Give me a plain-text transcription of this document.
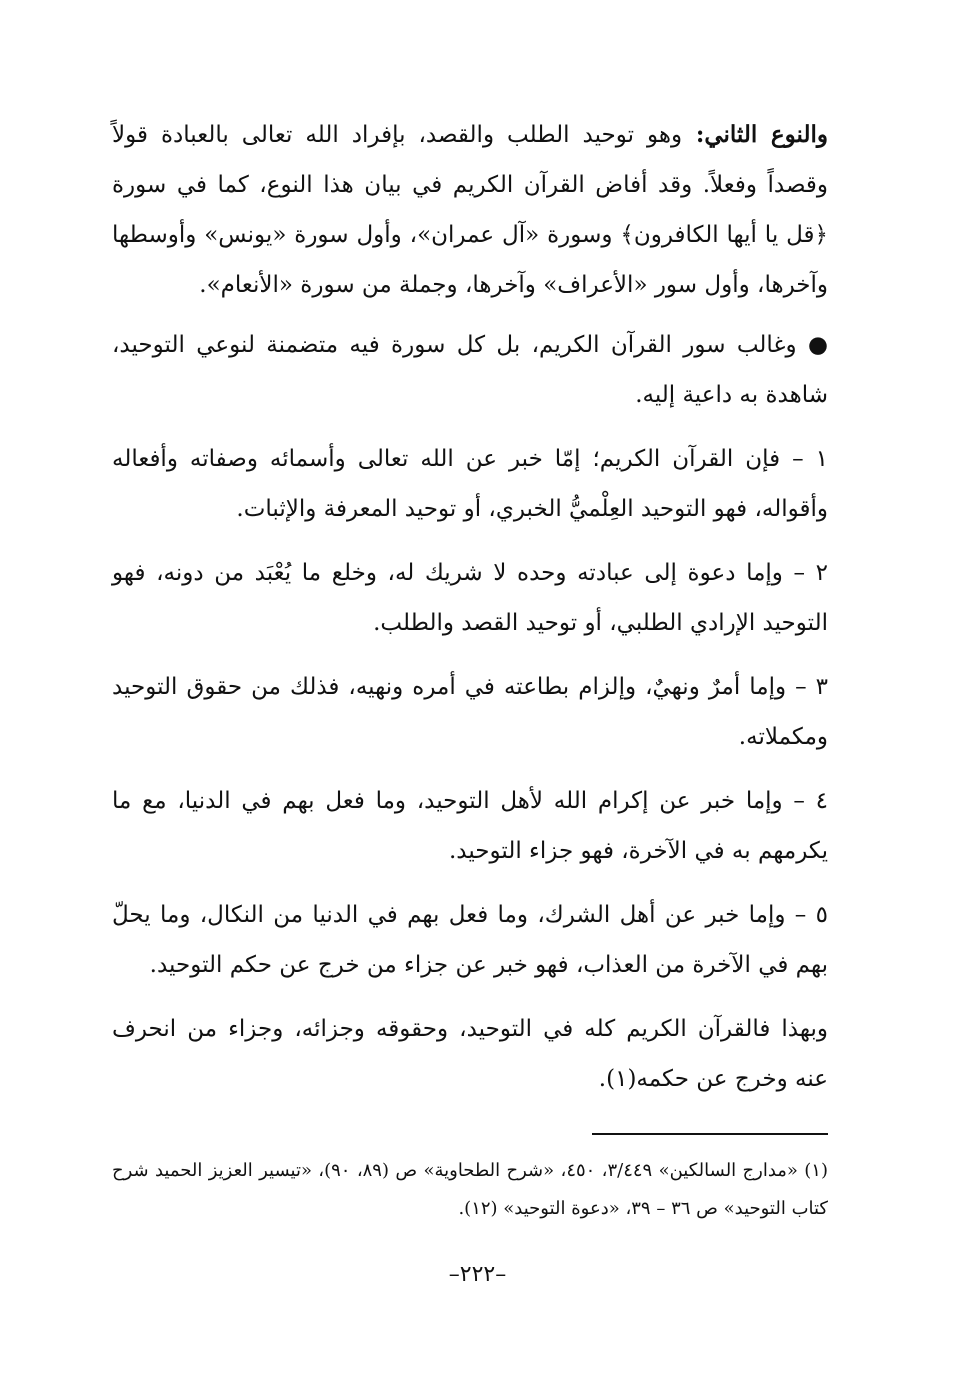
والنوع الثاني: وهو توحيد الطلب والقصد، بإفراد الله تعالى بالعبادة قولاً وقصداً وفعلاً. وقد أفاض القرآن الكريم في بيان هذا النوع، كما في سورة ﴿قل يا أيها الكافرون﴾ وسورة «آل عمران»، وأول سورة «يونس» وأوسطها وآخرها، وأول سور «الأعراف» وآخرها، وجملة من سورة «الأنعام».

● وغالب سور القرآن الكريم، بل كل سورة فيه متضمنة لنوعي التوحيد، شاهدة به داعية إليه.

١ – فإن القرآن الكريم؛ إمّا خبر عن الله تعالى وأسمائه وصفاته وأفعاله وأقواله، فهو التوحيد العِلْميُّ الخبري، أو توحيد المعرفة والإثبات.

٢ – وإما دعوة إلى عبادته وحده لا شريك له، وخلع ما يُعْبَد من دونه، فهو التوحيد الإرادي الطلبي، أو توحيد القصد والطلب.

٣ – وإما أمرٌ ونهيٌ، وإلزام بطاعته في أمره ونهيه، فذلك من حقوق التوحيد ومكملاته.

٤ – وإما خبر عن إكرام الله لأهل التوحيد، وما فعل بهم في الدنيا، مع ما يكرمهم به في الآخرة، فهو جزاء التوحيد.

٥ – وإما خبر عن أهل الشرك، وما فعل بهم في الدنيا من النكال، وما يحلّ بهم في الآخرة من العذاب، فهو خبر عن جزاء من خرج عن حكم التوحيد.

وبهذا فالقرآن الكريم كله في التوحيد، وحقوقه وجزائه، وجزاء من انحرف عنه وخرج عن حكمه(١).

(١) «مدارج السالكين» ٣/٤٤٩، ٤٥٠، «شرح الطحاوية» ص (٨٩، ٩٠)، «تيسير العزيز الحميد شرح كتاب التوحيد» ص ٣٦ – ٣٩، «دعوة التوحيد» (١٢).

–٢٢٢–
